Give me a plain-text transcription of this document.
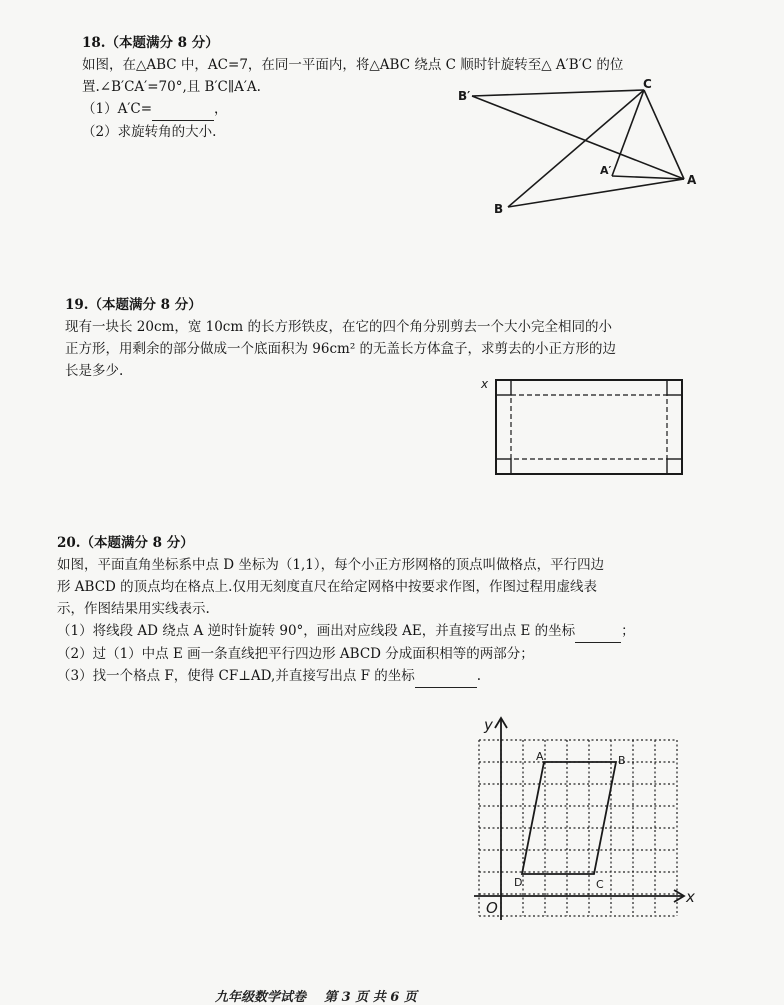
18.（本题满分 8 分）
如图，在△ABC 中，AC=7，在同一平面内，将△ABC 绕点 C 顺时针旋转至△ A′B′C 的位
置.∠B′CA′=70°,且 B′C∥A′A.
（1）A′C=	，
（2）求旋转角的大小.
B′
C
A′
A
B
19.（本题满分 8 分）
现有一块长 20cm，宽 10cm 的长方形铁皮，在它的四个角分别剪去一个大小完全相同的小
正方形，用剩余的部分做成一个底面积为 96cm² 的无盖长方体盒子，求剪去的小正方形的边
长是多少.
x
20.（本题满分 8 分）
如图，平面直角坐标系中点 D 坐标为（1,1），每个小正方形网格的顶点叫做格点，平行四边
形 ABCD 的顶点均在格点上.仅用无刻度直尺在给定网格中按要求作图，作图过程用虚线表
示，作图结果用实线表示.
（1）将线段 AD 绕点 A 逆时针旋转 90°，画出对应线段 AE，并直接写出点 E 的坐标	；
（2）过（1）中点 E 画一条直线把平行四边形 ABCD 分成面积相等的两部分；
（3）找一个格点 F，使得 CF⊥AD,并直接写出点 F 的坐标	.
y
x
O
A	B
C
D
九年级数学试卷    第 3 页 共 6 页
